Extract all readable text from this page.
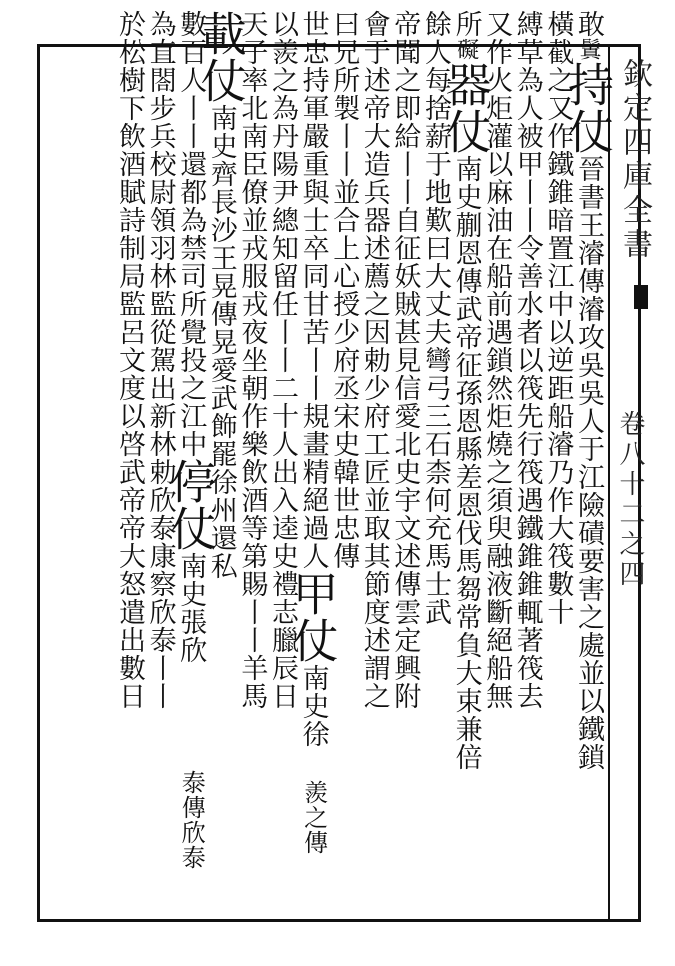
欽定四庫全書
卷八十二之四
敢鬒持仗晉書王濬傳濬攻吳吳人于江險磧要害之處並以鐵鎖
橫截之又作鐵錐暗置江中以逆距船濬乃作大筏數十
縛草為人被甲丨丨令善水者以筏先行筏遇鐵錐錐輒著筏去
又作火炬灌以麻油在船前遇鎖然炬燒之須臾融液斷絕船無
所礙器仗南史蒯恩傳武帝征孫恩縣差恩伐馬芻常負大束兼倍
餘人每捨薪于地歎曰大丈夫彎弓三石柰何充馬士武
帝聞之即給丨丨自征妖賊甚見信愛北史宇文述傳雲定興附
會于述帝大造兵器述薦之因勅少府工匠並取其節度述謂之
曰兄所製丨丨並合上心授少府丞宋史韓世忠傳
世忠持軍嚴重與士卒同甘苦丨丨規畫精絕過人甲仗南史徐
羨之傳
以羨之為丹陽尹總知留任丨丨二十人出入逵史禮志臘辰日
天子率北南臣僚並戎服戎夜坐朝作樂飲酒等第賜丨丨羊馬
載仗南史齊長沙王晃傳晃愛武飾罷徐州還私
數百人丨丨還都為禁司所覺投之江中停仗南史張欣
泰傳欣泰
為直閤步兵校尉領羽林監從駕出新林勅欣泰康察欣泰丨丨
於松樹下飲酒賦詩制局監呂文度以啓武帝帝大怒遣出數日
